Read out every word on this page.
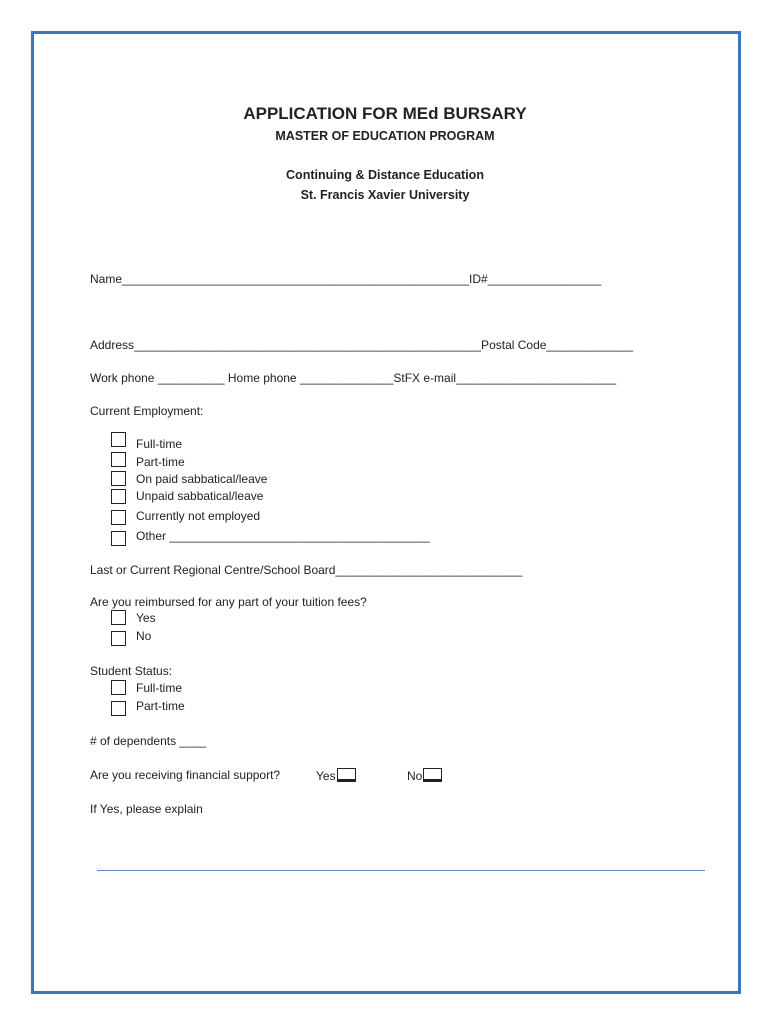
APPLICATION FOR MEd BURSARY
MASTER OF EDUCATION PROGRAM
Continuing & Distance Education
St. Francis Xavier University
Name____________________________________________________ID#_________________
Address____________________________________________________Postal Code_____________
Work phone __________ Home phone ______________StFX e-mail________________________
Current Employment:
Full-time
Part-time
On paid sabbatical/leave
Unpaid sabbatical/leave
Currently not employed
Other _______________________________________
Last or Current Regional Centre/School Board____________________________
Are you reimbursed for any part of your tuition fees?
Yes
No
Student Status:
Full-time
Part-time
# of dependents ____
Are you receiving financial support?	Yes	No
If Yes, please explain
